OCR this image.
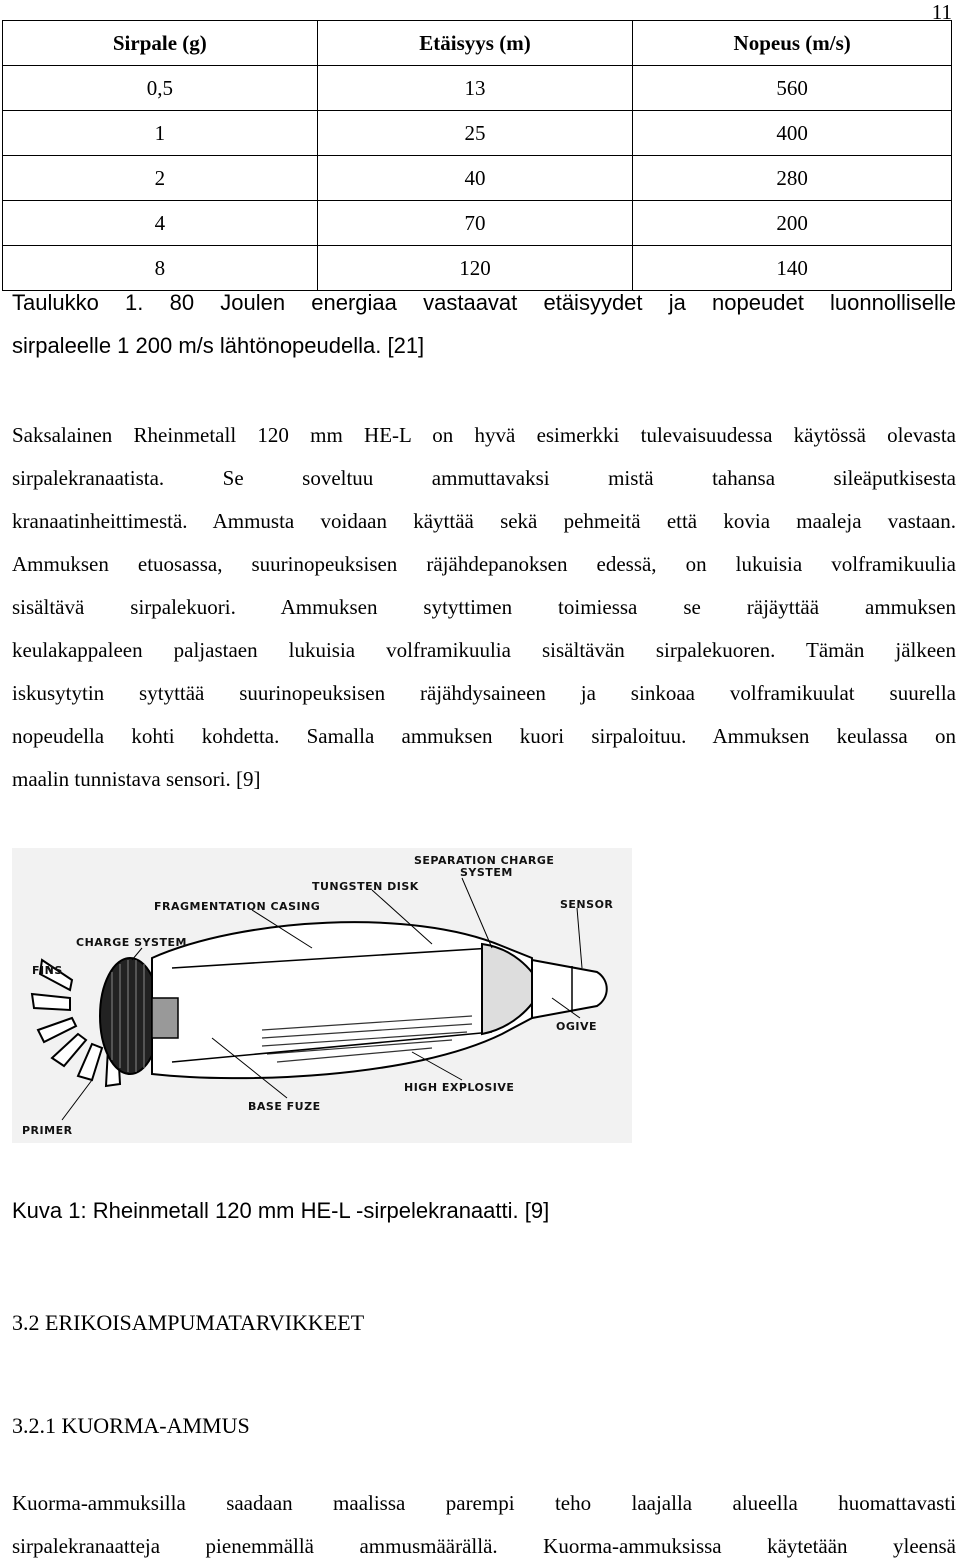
11
Sirpale (g)	Etäisyys (m)	Nopeus (m/s)
0,5	13	560
1	25	400
2	40	280
4	70	200
8	120	140
Taulukko 1. 80 Joulen energiaa vastaavat etäisyydet ja nopeudet luonnolliselle
sirpaleelle 1 200 m/s lähtönopeudella. [21]
Saksalainen Rheinmetall 120 mm HE-L on hyvä esimerkki tulevaisuudessa käytössä olevasta
sirpalekranaatista. Se soveltuu ammuttavaksi mistä tahansa sileäputkisesta
kranaatinheittimestä. Ammusta voidaan käyttää sekä pehmeitä että kovia maaleja vastaan.
Ammuksen etuosassa, suurinopeuksisen räjähdepanoksen edessä, on lukuisia volframikuulia
sisältävä sirpalekuori. Ammuksen sytyttimen toimiessa se räjäyttää ammuksen
keulakappaleen paljastaen lukuisia volframikuulia sisältävän sirpalekuoren. Tämän jälkeen
iskusytytin sytyttää suurinopeuksisen räjähdysaineen ja sinkoaa volframikuulat suurella
nopeudella kohti kohdetta. Samalla ammuksen kuori sirpaloituu. Ammuksen keulassa on
maalin tunnistava sensori. [9]
SEPARATION CHARGE
SYSTEM
TUNGSTEN DISK
FRAGMENTATION CASING	SENSOR
CHARGE SYSTEM
FINS
OGIVE
HIGH EXPLOSIVE
BASE FUZE
PRIMER
Kuva 1: Rheinmetall 120 mm HE-L -sirpelekranaatti. [9]
3.2 ERIKOISAMPUMATARVIKKEET
3.2.1 KUORMA-AMMUS
Kuorma-ammuksilla saadaan maalissa parempi teho laajalla alueella huomattavasti
sirpalekranaatteja pienemmällä ammusmäärällä. Kuorma-ammuksissa käytetään yleensä
